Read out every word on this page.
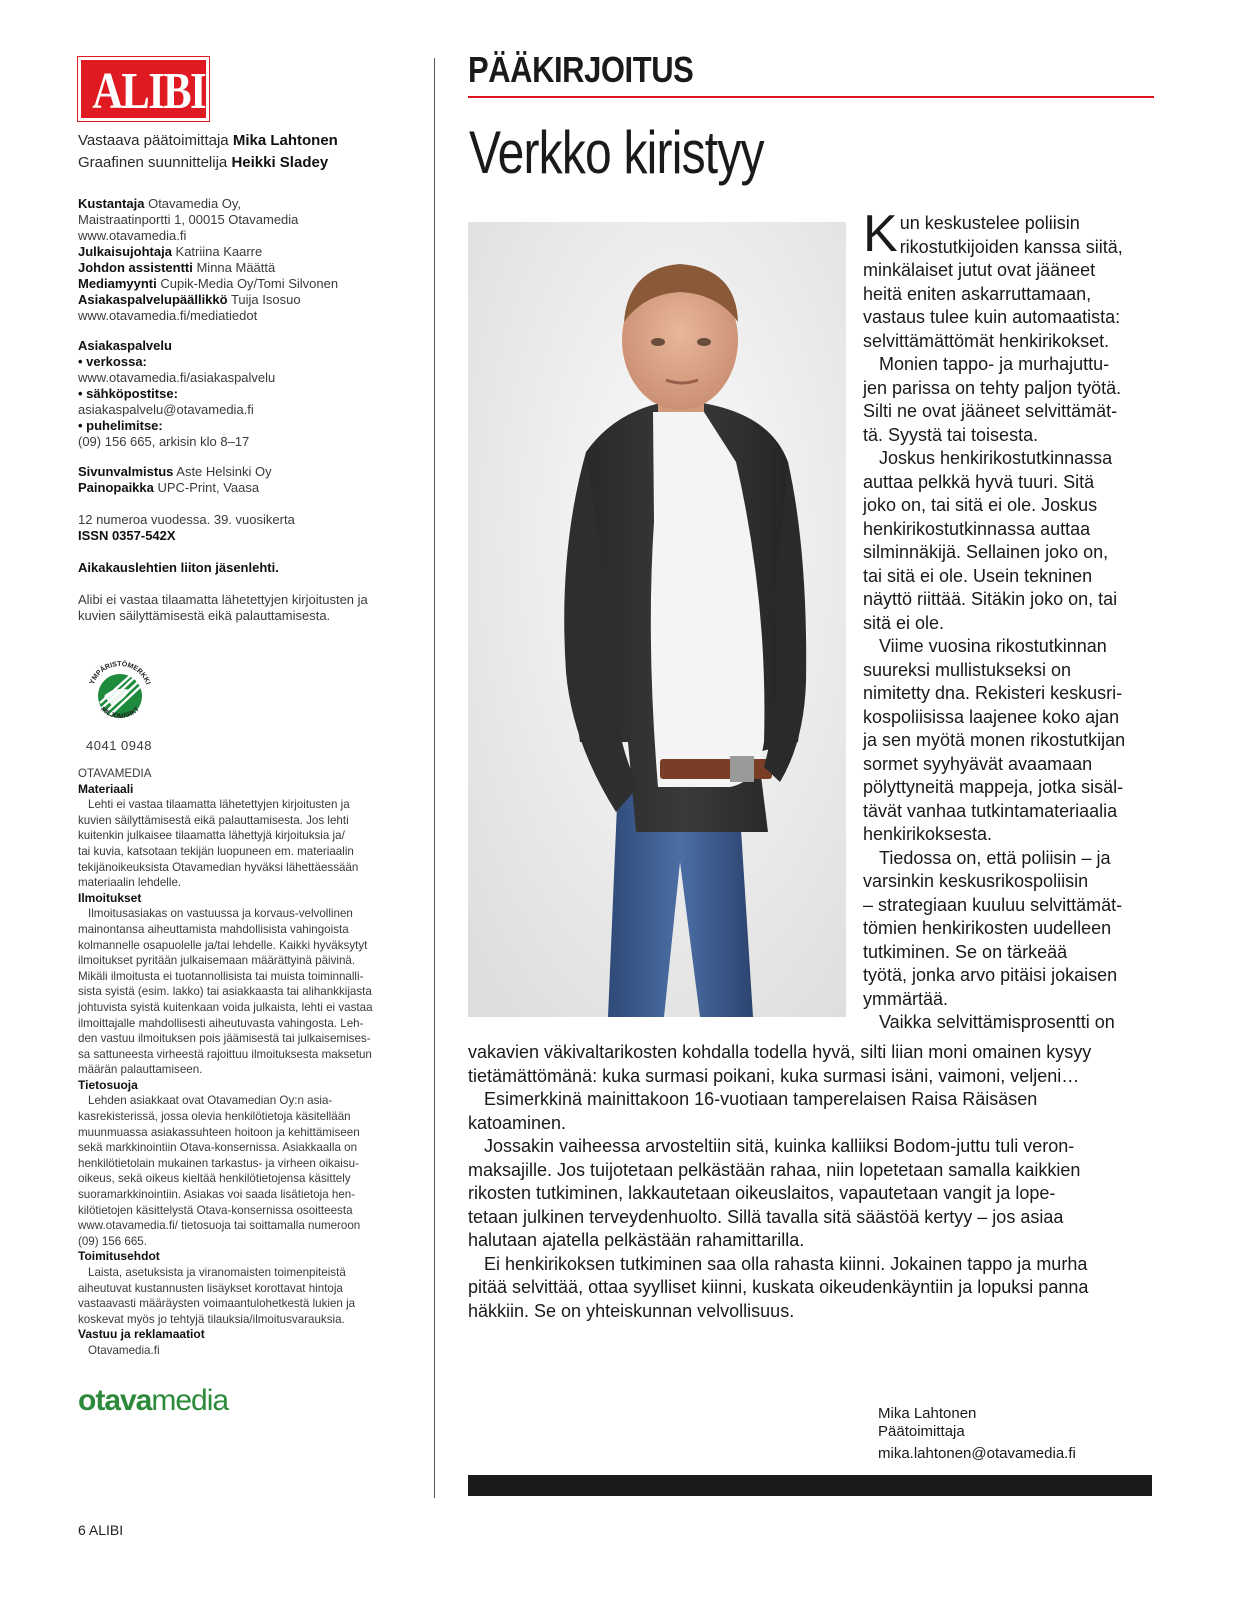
ALIBI
Vastaava päätoimittaja Mika Lahtonen
Graafinen suunnittelija Heikki Sladey
Kustantaja Otavamedia Oy,
Maistraatinportti 1, 00015 Otavamedia
www.otavamedia.fi
Julkaisujohtaja Katriina Kaarre
Johdon assistentti Minna Määttä
Mediamyynti Cupik-Media Oy/Tomi Silvonen
Asiakaspalvelupäällikkö Tuija Isosuo
www.otavamedia.fi/mediatiedot
Asiakaspalvelu
• verkossa:
www.otavamedia.fi/asiakaspalvelu
• sähköpostitse:
asiakaspalvelu@otavamedia.fi
• puhelimitse:
(09) 156 665, arkisin klo 8–17
Sivunvalmistus Aste Helsinki Oy
Painopaikka UPC-Print, Vaasa
12 numeroa vuodessa. 39. vuosikerta
ISSN 0357-542X
Aikakauslehtien liiton jäsenlehti.
Alibi ei vastaa tilaamatta lähetettyjen kirjoitusten ja
kuvien säilyttämisestä eikä palauttamisesta.
YMPÄRISTÖMERKKI
MILJÖMÄRKT
4041 0948
OTAVAMEDIA
Materiaali
Lehti ei vastaa tilaamatta lähetettyjen kirjoitusten ja
kuvien säilyttämisestä eikä palauttamisesta. Jos lehti
kuitenkin julkaisee tilaamatta lähettyjä kirjoituksia ja/
tai kuvia, katsotaan tekijän luopuneen em. materiaalin
tekijänoikeuksista Otavamedian hyväksi lähettäessään
materiaalin lehdelle.
Ilmoitukset
Ilmoitusasiakas on vastuussa ja korvaus-velvollinen
mainontansa aiheuttamista mahdollisista vahingoista
kolmannelle osapuolelle ja/tai lehdelle. Kaikki hyväksytyt
ilmoitukset pyritään julkaisemaan määrättyinä päivinä.
Mikäli ilmoitusta ei tuotannollisista tai muista toiminnalli-
sista syistä (esim. lakko) tai asiakkaasta tai alihankkijasta
johtuvista syistä kuitenkaan voida julkaista, lehti ei vastaa
ilmoittajalle mahdollisesti aiheutuvasta vahingosta. Leh-
den vastuu ilmoituksen pois jäämisestä tai julkaisemises-
sa sattuneesta virheestä rajoittuu ilmoituksesta maksetun
määrän palauttamiseen.
Tietosuoja
Lehden asiakkaat ovat Otavamedian Oy:n asia-
kasrekisterissä, jossa olevia henkilötietoja käsitellään
muunmuassa asiakassuhteen hoitoon ja kehittämiseen
sekä markkinointiin Otava-konsernissa. Asiakkaalla on
henkilötietolain mukainen tarkastus- ja virheen oikaisu-
oikeus, sekä oikeus kieltää henkilötietojensa käsittely
suoramarkkinointiin. Asiakas voi saada lisätietoja hen-
kilötietojen käsittelystä Otava-konsernissa osoitteesta
www.otavamedia.fi/ tietosuoja tai soittamalla numeroon
(09) 156 665.
Toimitusehdot
Laista, asetuksista ja viranomaisten toimenpiteistä
aiheutuvat kustannusten lisäykset korottavat hintoja
vastaavasti määräysten voimaantulohetkestä lukien ja
koskevat myös jo tehtyjä tilauksia/ilmoitusvarauksia.
Vastuu ja reklamaatiot
Otavamedia.fi
otavamedia
6 ALIBI
PÄÄKIRJOITUS
Verkko kiristyy
K un keskustelee poliisin
rikostutkijoiden kanssa siitä,
minkälaiset jutut ovat jääneet
heitä eniten askarruttamaan,
vastaus tulee kuin automaatista:
selvittämättömät henkirikokset.
Monien tappo- ja murhajuttu-
jen parissa on tehty paljon työtä.
Silti ne ovat jääneet selvittämät-
tä. Syystä tai toisesta.
Joskus henkirikostutkinnassa
auttaa pelkkä hyvä tuuri. Sitä
joko on, tai sitä ei ole. Joskus
henkirikostutkinnassa auttaa
silminnäkijä. Sellainen joko on,
tai sitä ei ole. Usein tekninen
näyttö riittää. Sitäkin joko on, tai
sitä ei ole.
Viime vuosina rikostutkinnan
suureksi mullistukseksi on
nimitetty dna. Rekisteri keskusri-
kospoliisissa laajenee koko ajan
ja sen myötä monen rikostutkijan
sormet syyhyävät avaamaan
pölyttyneitä mappeja, jotka sisäl-
tävät vanhaa tutkintamateriaalia
henkirikoksesta.
Tiedossa on, että poliisin – ja
varsinkin keskusrikospoliisin
– strategiaan kuuluu selvittämät-
tömien henkirikosten uudelleen
tutkiminen. Se on tärkeää
työtä, jonka arvo pitäisi jokaisen
ymmärtää.
Vaikka selvittämisprosentti on
vakavien väkivaltarikosten kohdalla todella hyvä, silti liian moni omainen kysyy
tietämättömänä: kuka surmasi poikani, kuka surmasi isäni, vaimoni, veljeni…
Esimerkkinä mainittakoon 16-vuotiaan tamperelaisen Raisa Räisäsen
katoaminen.
Jossakin vaiheessa arvosteltiin sitä, kuinka kalliiksi Bodom-juttu tuli veron-
maksajille. Jos tuijotetaan pelkästään rahaa, niin lopetetaan samalla kaikkien
rikosten tutkiminen, lakkautetaan oikeuslaitos, vapautetaan vangit ja lope-
tetaan julkinen terveydenhuolto. Sillä tavalla sitä säästöä kertyy – jos asiaa
halutaan ajatella pelkästään rahamittarilla.
Ei henkirikoksen tutkiminen saa olla rahasta kiinni. Jokainen tappo ja murha
pitää selvittää, ottaa syylliset kiinni, kuskata oikeudenkäyntiin ja lopuksi panna
häkkiin. Se on yhteiskunnan velvollisuus.
Mika Lahtonen
Päätoimittaja
mika.lahtonen@otavamedia.fi
